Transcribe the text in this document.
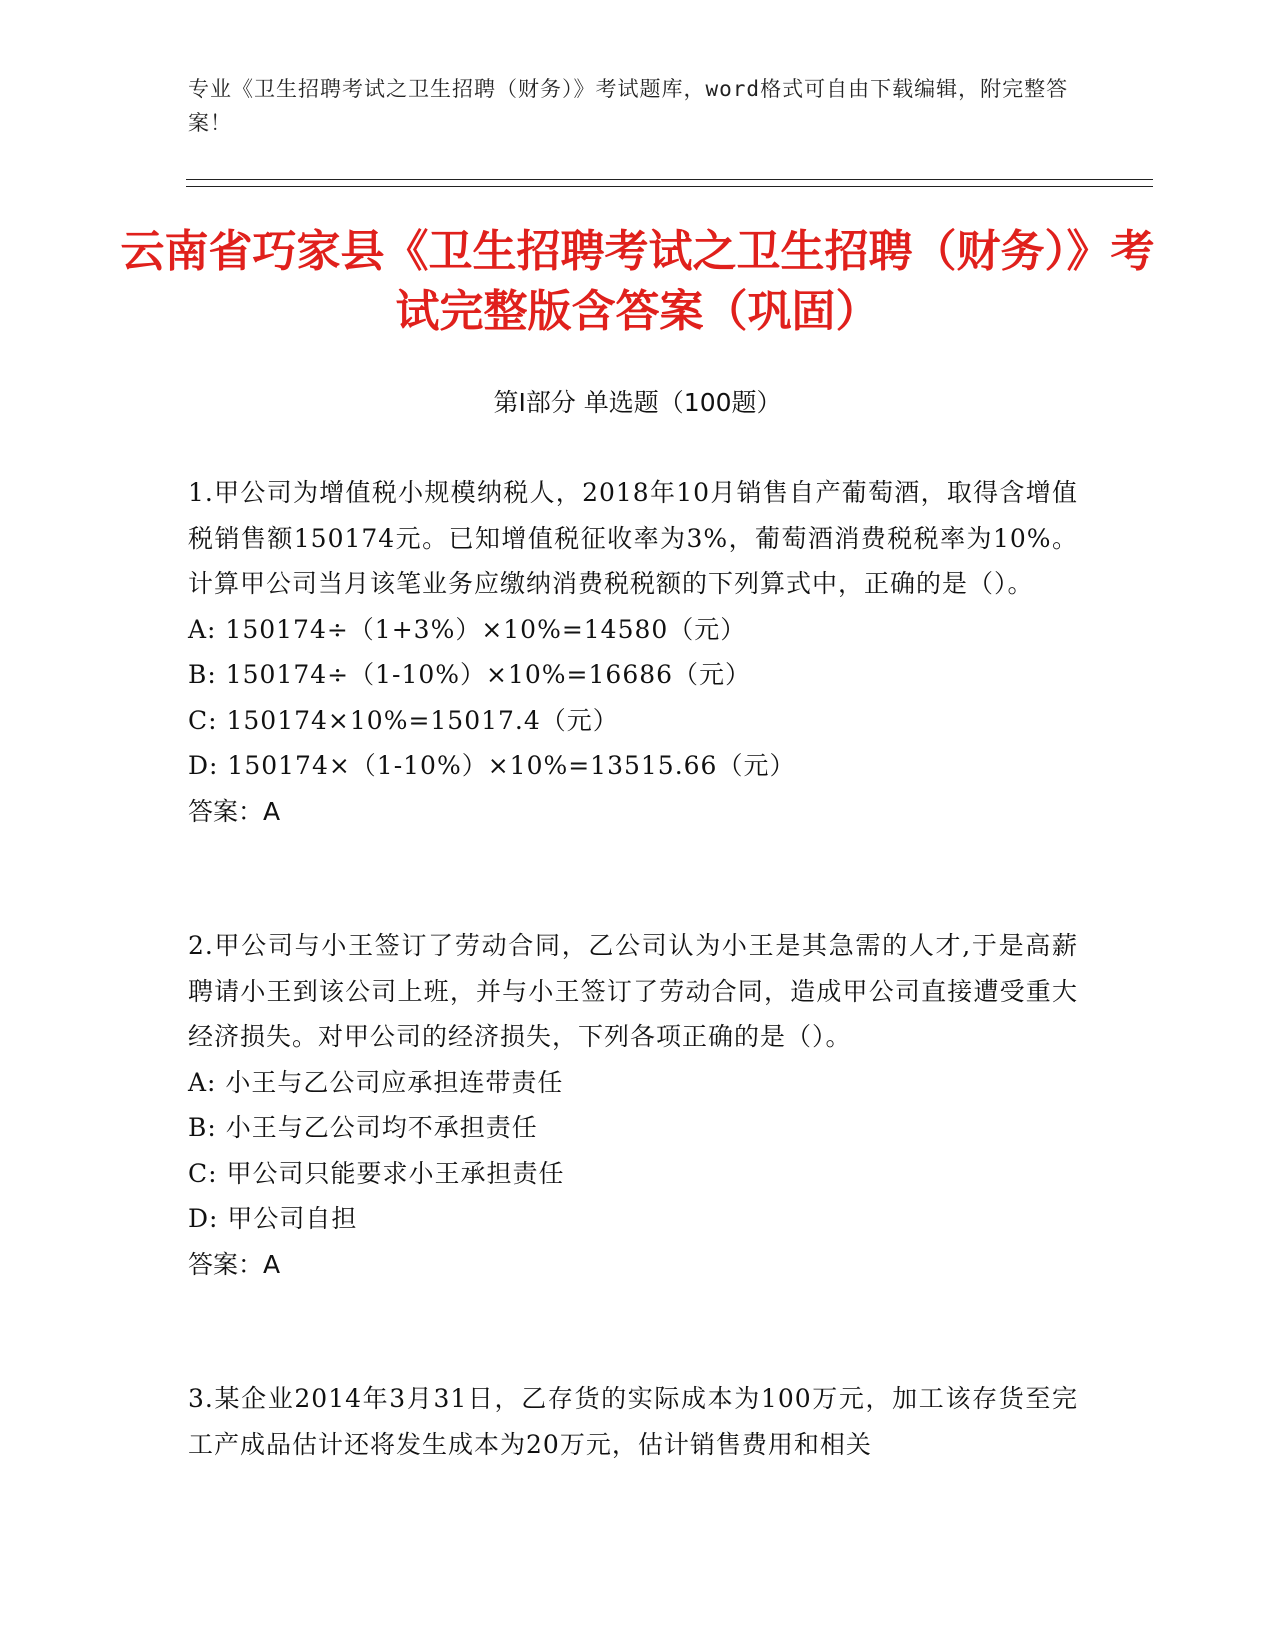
专业《卫生招聘考试之卫生招聘（财务）》考试题库，word格式可自由下载编辑，附完整答案！
云南省巧家县《卫生招聘考试之卫生招聘（财务）》考试完整版含答案（巩固）
第Ⅰ部分 单选题（100题）
1.甲公司为增值税小规模纳税人，2018年10月销售自产葡萄酒，取得含增值税销售额150174元。已知增值税征收率为3%，葡萄酒消费税税率为10%。计算甲公司当月该笔业务应缴纳消费税税额的下列算式中，正确的是（）。
A: 150174÷（1+3%）×10%=14580（元）
B: 150174÷（1-10%）×10%=16686（元）
C: 150174×10%=15017.4（元）
D: 150174×（1-10%）×10%=13515.66（元）
答案：A
2.甲公司与小王签订了劳动合同，乙公司认为小王是其急需的人才,于是高薪聘请小王到该公司上班，并与小王签订了劳动合同，造成甲公司直接遭受重大经济损失。对甲公司的经济损失，下列各项正确的是（）。
A: 小王与乙公司应承担连带责任
B: 小王与乙公司均不承担责任
C: 甲公司只能要求小王承担责任
D: 甲公司自担
答案：A
3.某企业2014年3月31日，乙存货的实际成本为100万元，加工该存货至完工产成品估计还将发生成本为20万元，估计销售费用和相关
